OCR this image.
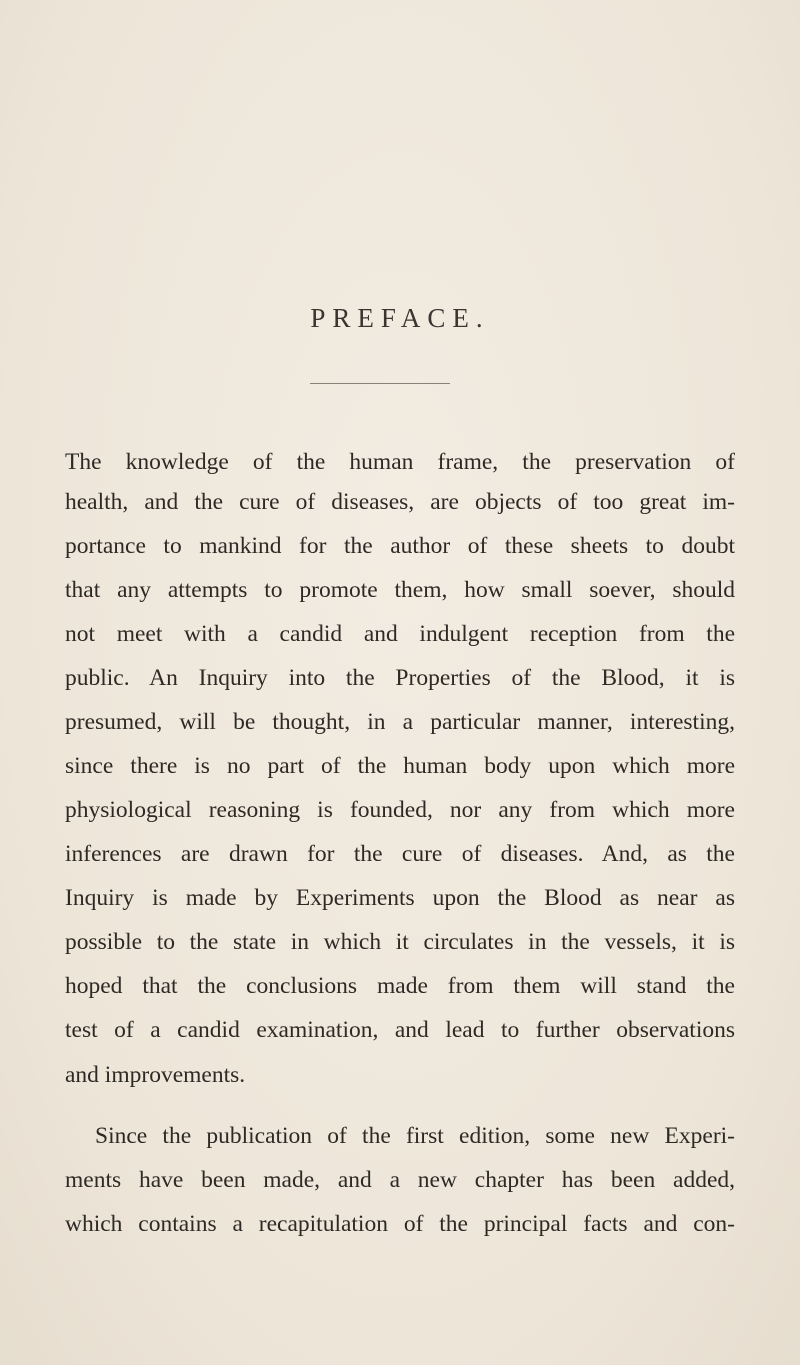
PREFACE.
The knowledge of the human frame, the preservation of
health, and the cure of diseases, are objects of too great im-
portance to mankind for the author of these sheets to doubt
that any attempts to promote them, how small soever, should
not meet with a candid and indulgent reception from the
public. An Inquiry into the Properties of the Blood, it is
presumed, will be thought, in a particular manner, interesting,
since there is no part of the human body upon which more
physiological reasoning is founded, nor any from which more
inferences are drawn for the cure of diseases. And, as the
Inquiry is made by Experiments upon the Blood as near as
possible to the state in which it circulates in the vessels, it is
hoped that the conclusions made from them will stand the
test of a candid examination, and lead to further observations
and improvements.
Since the publication of the first edition, some new Experi-
ments have been made, and a new chapter has been added,
which contains a recapitulation of the principal facts and con-
